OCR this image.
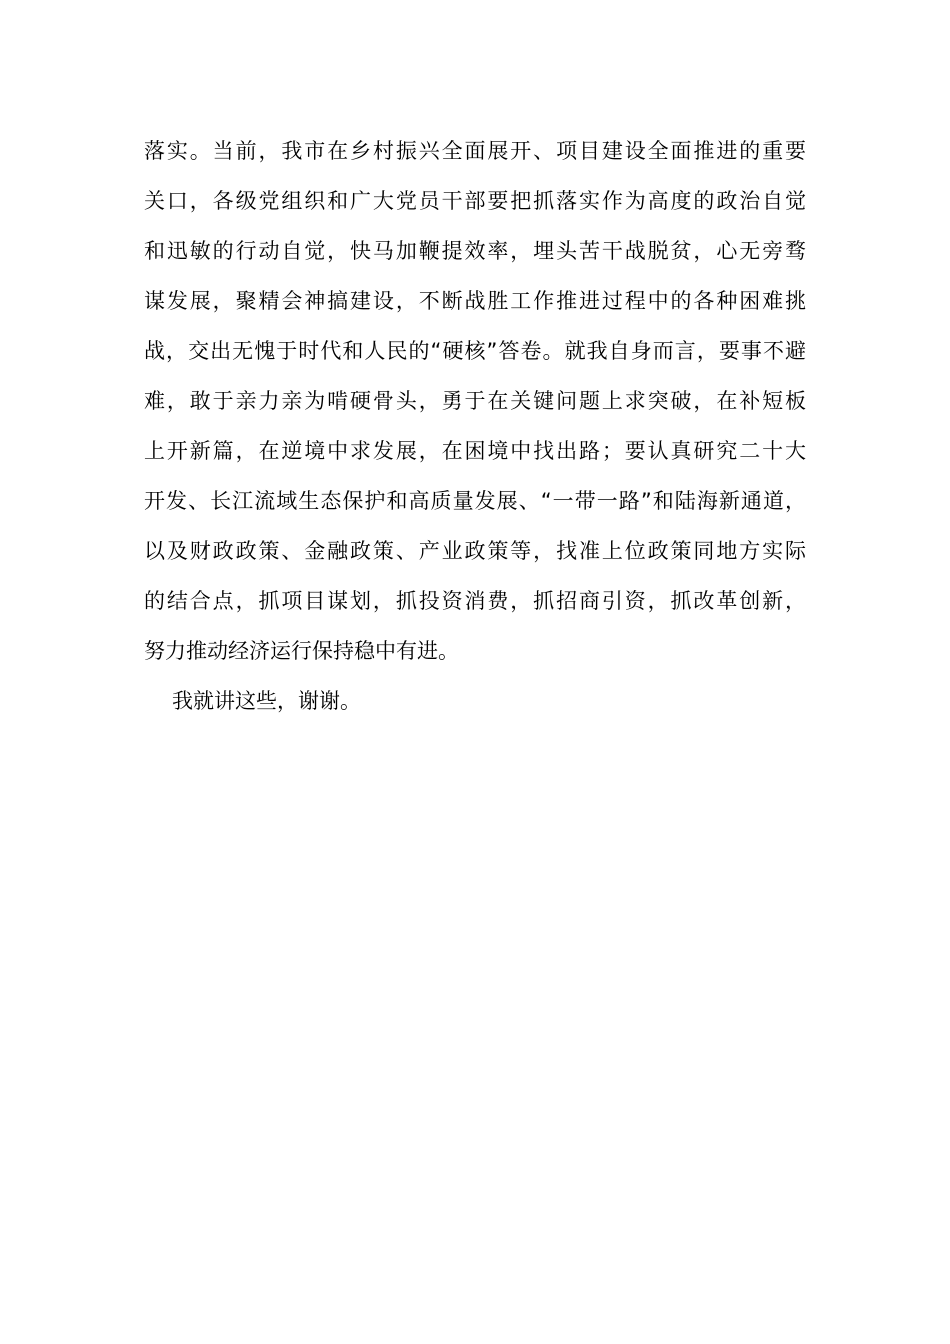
落实。当前，我市在乡村振兴全面展开、项目建设全面推进的重要
关口，各级党组织和广大党员干部要把抓落实作为高度的政治自觉
和迅敏的行动自觉，快马加鞭提效率，埋头苦干战脱贫，心无旁骛
谋发展，聚精会神搞建设，不断战胜工作推进过程中的各种困难挑
战，交出无愧于时代和人民的“硬核”答卷。就我自身而言，要事不避
难，敢于亲力亲为啃硬骨头，勇于在关键问题上求突破，在补短板
上开新篇，在逆境中求发展，在困境中找出路；要认真研究二十大
开发、长江流域生态保护和高质量发展、“一带一路”和陆海新通道，
以及财政政策、金融政策、产业政策等，找准上位政策同地方实际
的结合点，抓项目谋划，抓投资消费，抓招商引资，抓改革创新，
努力推动经济运行保持稳中有进。
我就讲这些，谢谢。
